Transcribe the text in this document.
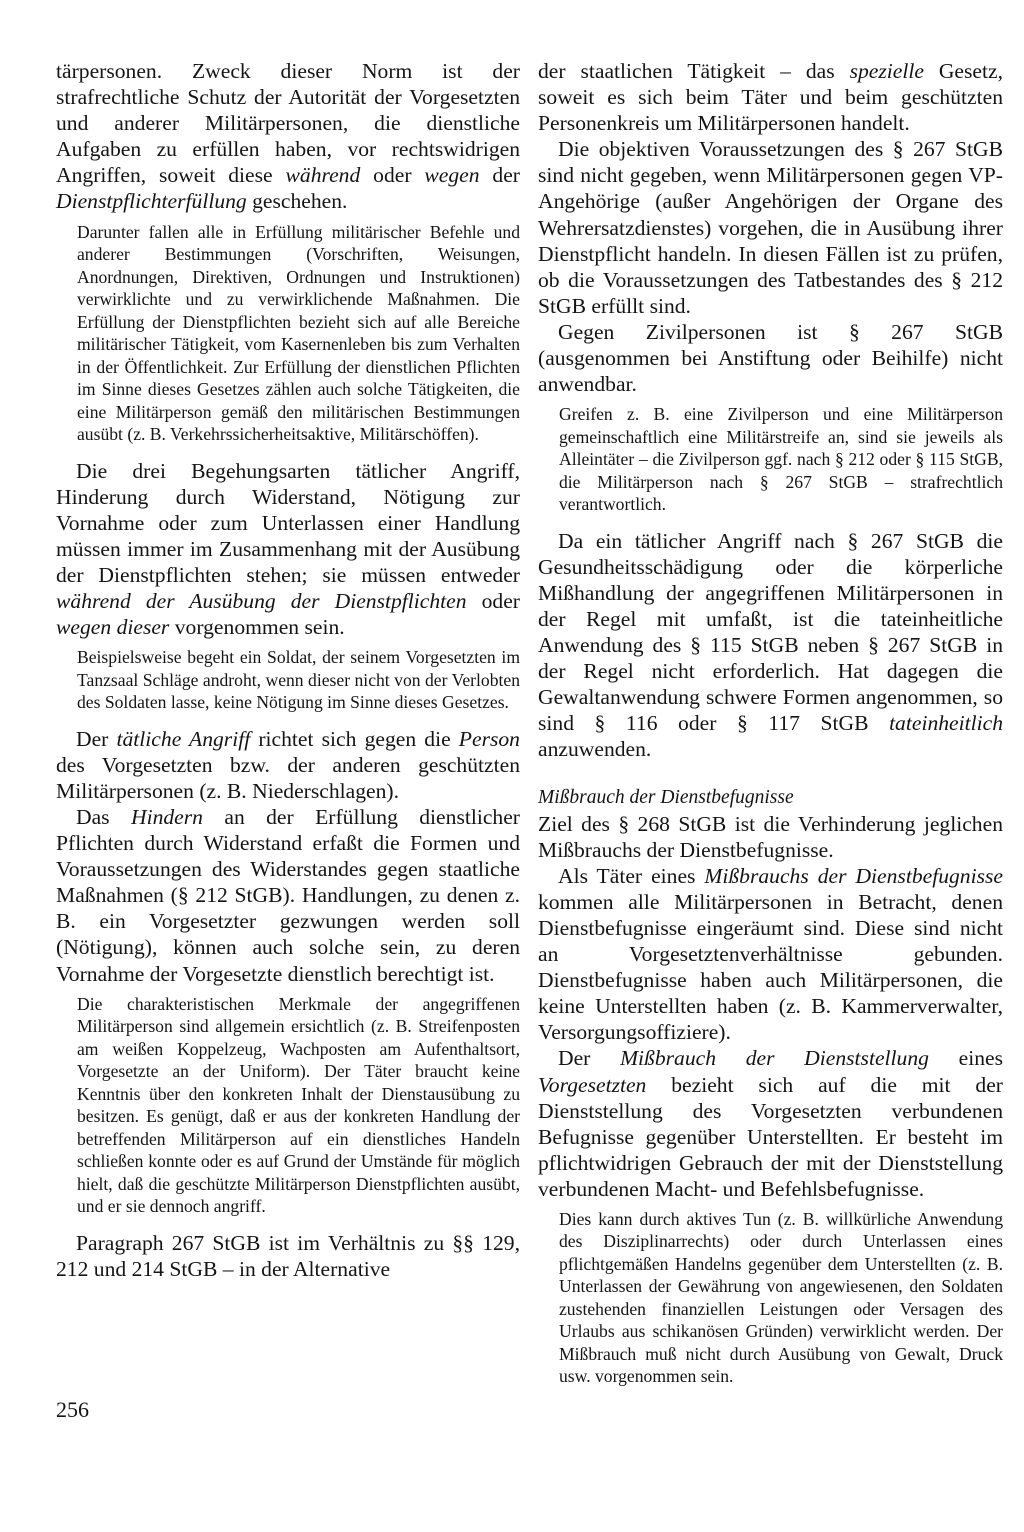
tärpersonen. Zweck dieser Norm ist der strafrechtliche Schutz der Autorität der Vorgesetzten und anderer Militärpersonen, die dienstliche Aufgaben zu erfüllen haben, vor rechtswidrigen Angriffen, soweit diese während oder wegen der Dienstpflichterfüllung geschehen.

Darunter fallen alle in Erfüllung militärischer Befehle und anderer Bestimmungen (Vorschriften, Weisungen, Anordnungen, Direktiven, Ordnungen und Instruktionen) verwirklichte und zu verwirklichende Maßnahmen. Die Erfüllung der Dienstpflichten bezieht sich auf alle Bereiche militärischer Tätigkeit, vom Kasernenleben bis zum Verhalten in der Öffentlichkeit. Zur Erfüllung der dienstlichen Pflichten im Sinne dieses Gesetzes zählen auch solche Tätigkeiten, die eine Militärperson gemäß den militärischen Bestimmungen ausübt (z. B. Verkehrssicherheitsaktive, Militärschöffen).

Die drei Begehungsarten tätlicher Angriff, Hinderung durch Widerstand, Nötigung zur Vornahme oder zum Unterlassen einer Handlung müssen immer im Zusammenhang mit der Ausübung der Dienstpflichten stehen; sie müssen entweder während der Ausübung der Dienstpflichten oder wegen dieser vorgenommen sein.

Beispielsweise begeht ein Soldat, der seinem Vorgesetzten im Tanzsaal Schläge androht, wenn dieser nicht von der Verlobten des Soldaten lasse, keine Nötigung im Sinne dieses Gesetzes.

Der tätliche Angriff richtet sich gegen die Person des Vorgesetzten bzw. der anderen geschützten Militärpersonen (z. B. Niederschlagen).

Das Hindern an der Erfüllung dienstlicher Pflichten durch Widerstand erfaßt die Formen und Voraussetzungen des Widerstandes gegen staatliche Maßnahmen (§ 212 StGB). Handlungen, zu denen z. B. ein Vorgesetzter gezwungen werden soll (Nötigung), können auch solche sein, zu deren Vornahme der Vorgesetzte dienstlich berechtigt ist.

Die charakteristischen Merkmale der angegriffenen Militärperson sind allgemein ersichtlich (z. B. Streifenposten am weißen Koppelzeug, Wachposten am Aufenthaltsort, Vorgesetzte an der Uniform). Der Täter braucht keine Kenntnis über den konkreten Inhalt der Dienstausübung zu besitzen. Es genügt, daß er aus der konkreten Handlung der betreffenden Militärperson auf ein dienstliches Handeln schließen konnte oder es auf Grund der Umstände für möglich hielt, daß die geschützte Militärperson Dienstpflichten ausübt, und er sie dennoch angriff.

Paragraph 267 StGB ist im Verhältnis zu §§ 129, 212 und 214 StGB – in der Alternative

der staatlichen Tätigkeit – das spezielle Gesetz, soweit es sich beim Täter und beim geschützten Personenkreis um Militärpersonen handelt.

Die objektiven Voraussetzungen des § 267 StGB sind nicht gegeben, wenn Militärpersonen gegen VP-Angehörige (außer Angehörigen der Organe des Wehrersatzdienstes) vorgehen, die in Ausübung ihrer Dienstpflicht handeln. In diesen Fällen ist zu prüfen, ob die Voraussetzungen des Tatbestandes des § 212 StGB erfüllt sind.

Gegen Zivilpersonen ist § 267 StGB (ausgenommen bei Anstiftung oder Beihilfe) nicht anwendbar.

Greifen z. B. eine Zivilperson und eine Militärperson gemeinschaftlich eine Militärstreife an, sind sie jeweils als Alleintäter – die Zivilperson ggf. nach § 212 oder § 115 StGB, die Militärperson nach § 267 StGB – strafrechtlich verantwortlich.

Da ein tätlicher Angriff nach § 267 StGB die Gesundheitsschädigung oder die körperliche Mißhandlung der angegriffenen Militärpersonen in der Regel mit umfaßt, ist die tateinheitliche Anwendung des § 115 StGB neben § 267 StGB in der Regel nicht erforderlich. Hat dagegen die Gewaltanwendung schwere Formen angenommen, so sind § 116 oder § 117 StGB tateinheitlich anzuwenden.

Mißbrauch der Dienstbefugnisse

Ziel des § 268 StGB ist die Verhinderung jeglichen Mißbrauchs der Dienstbefugnisse.

Als Täter eines Mißbrauchs der Dienstbefugnisse kommen alle Militärpersonen in Betracht, denen Dienstbefugnisse eingeräumt sind. Diese sind nicht an Vorgesetztenverhältnisse gebunden. Dienstbefugnisse haben auch Militärpersonen, die keine Unterstellten haben (z. B. Kammerverwalter, Versorgungsoffiziere).

Der Mißbrauch der Dienststellung eines Vorgesetzten bezieht sich auf die mit der Dienststellung des Vorgesetzten verbundenen Befugnisse gegenüber Unterstellten. Er besteht im pflichtwidrigen Gebrauch der mit der Dienststellung verbundenen Macht- und Befehlsbefugnisse.

Dies kann durch aktives Tun (z. B. willkürliche Anwendung des Disziplinarrechts) oder durch Unterlassen eines pflichtgemäßen Handelns gegenüber dem Unterstellten (z. B. Unterlassen der Gewährung von angewiesenen, den Soldaten zustehenden finanziellen Leistungen oder Versagen des Urlaubs aus schikanösen Gründen) verwirklicht werden. Der Mißbrauch muß nicht durch Ausübung von Gewalt, Druck usw. vorgenommen sein.

256
